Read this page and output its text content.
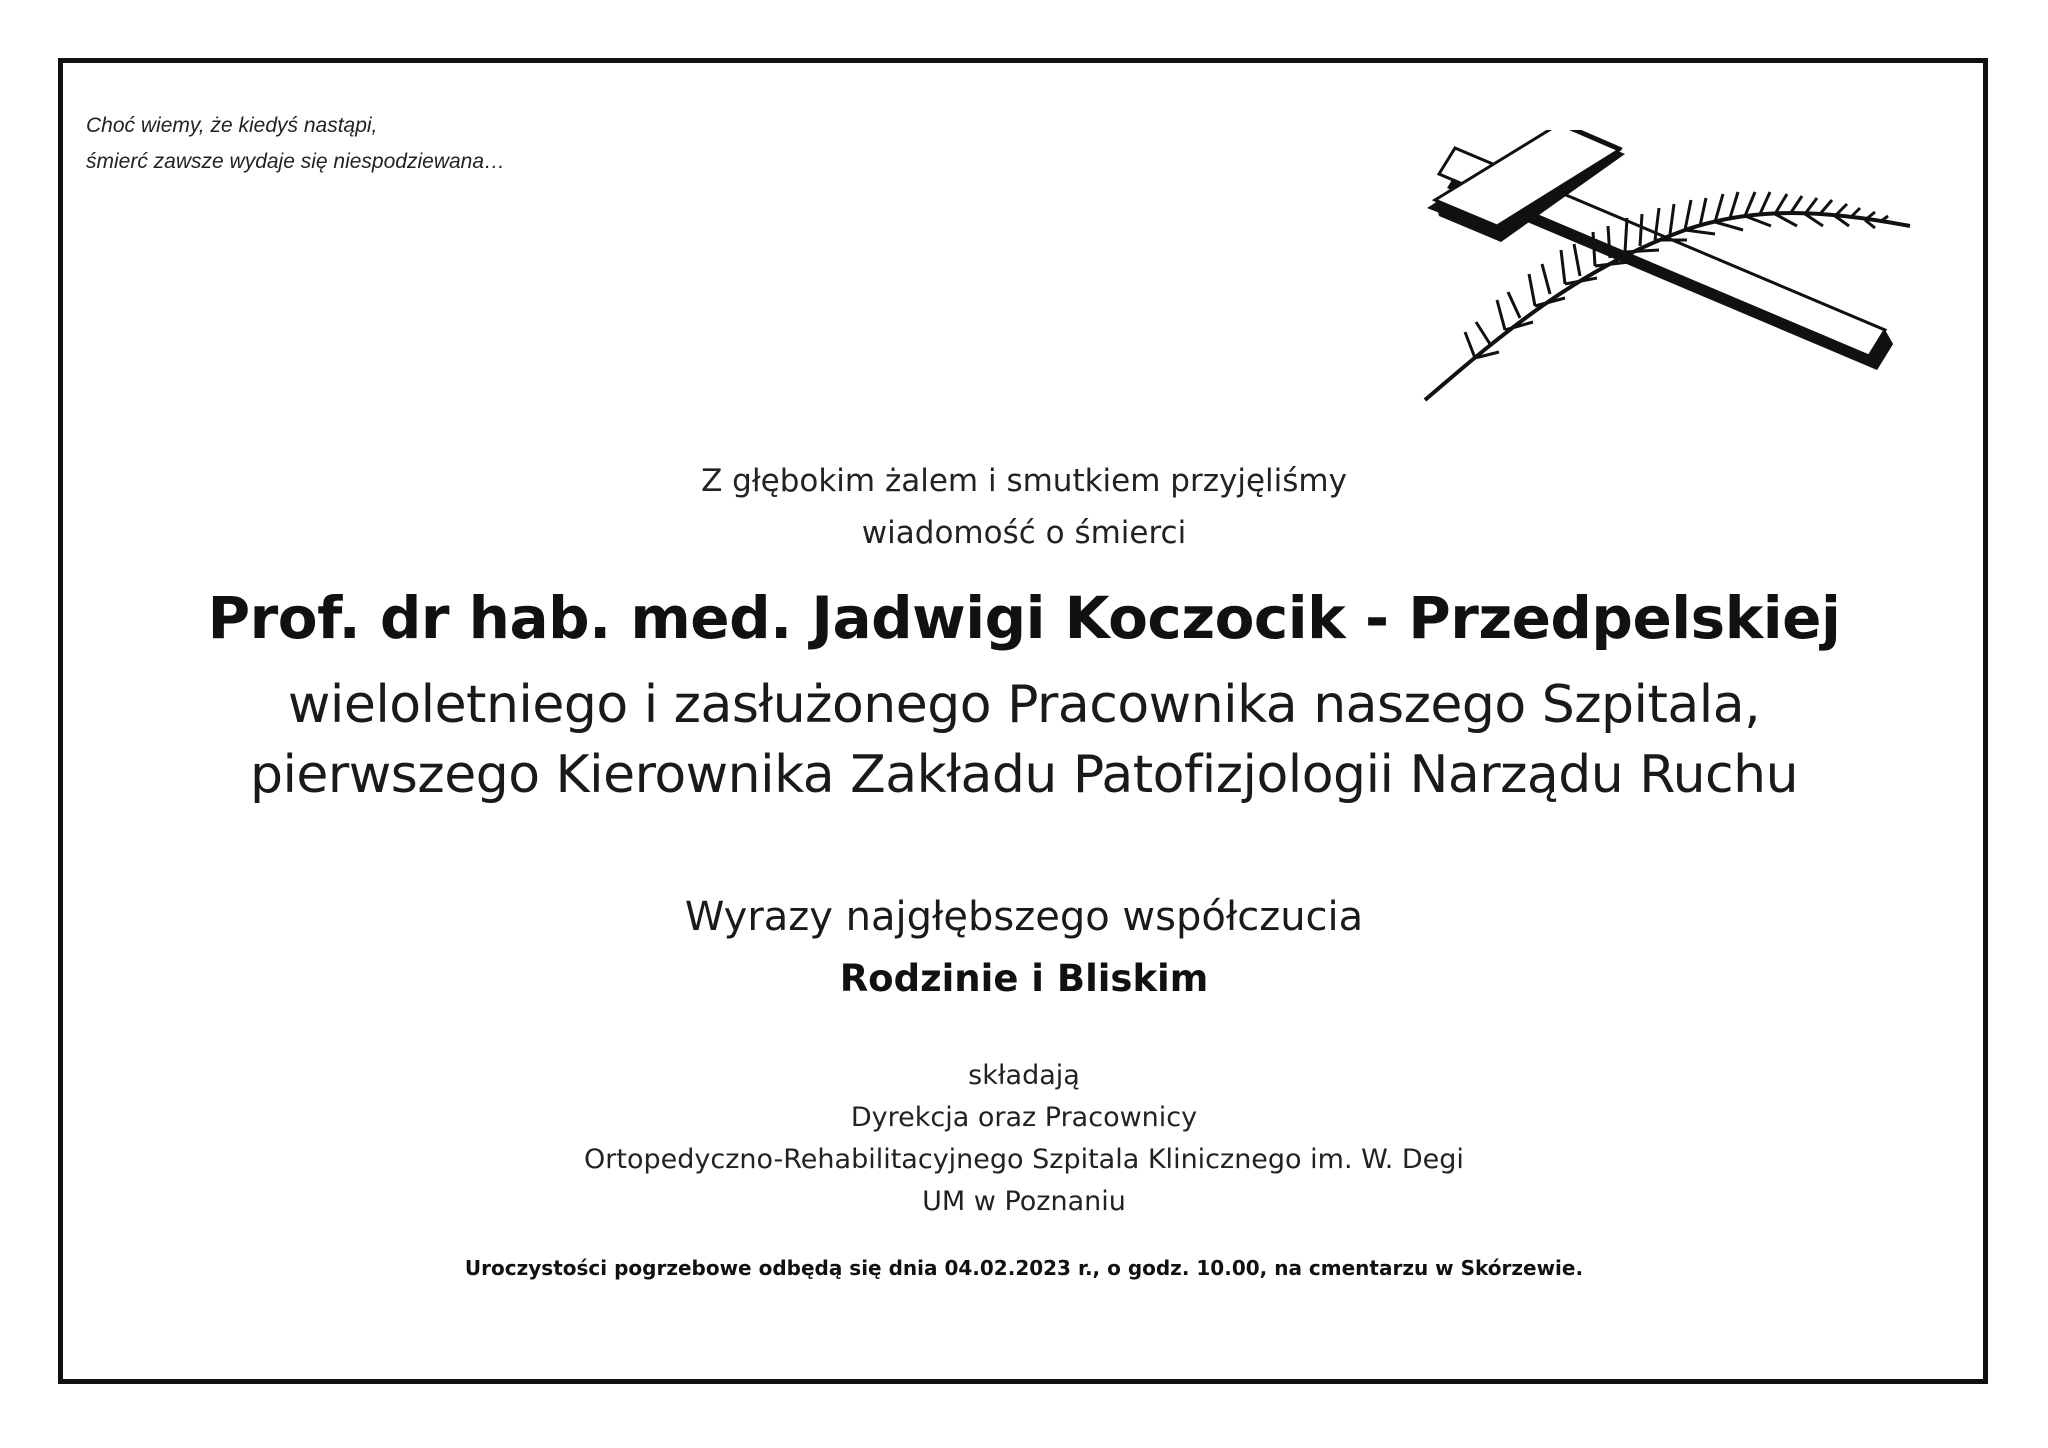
Choć wiemy, że kiedyś nastąpi,
śmierć zawsze wydaje się niespodziewana…
Z głębokim żalem i smutkiem przyjęliśmy
wiadomość o śmierci
Prof. dr hab. med. Jadwigi Koczocik - Przedpelskiej
wieloletniego i zasłużonego Pracownika naszego Szpitala,
pierwszego Kierownika Zakładu Patofizjologii Narządu Ruchu
Wyrazy najgłębszego współczucia
Rodzinie i Bliskim
składają
Dyrekcja oraz Pracownicy
Ortopedyczno-Rehabilitacyjnego Szpitala Klinicznego im. W. Degi
UM w Poznaniu
Uroczystości pogrzebowe odbędą się dnia 04.02.2023 r., o godz. 10.00, na cmentarzu w Skórzewie.
